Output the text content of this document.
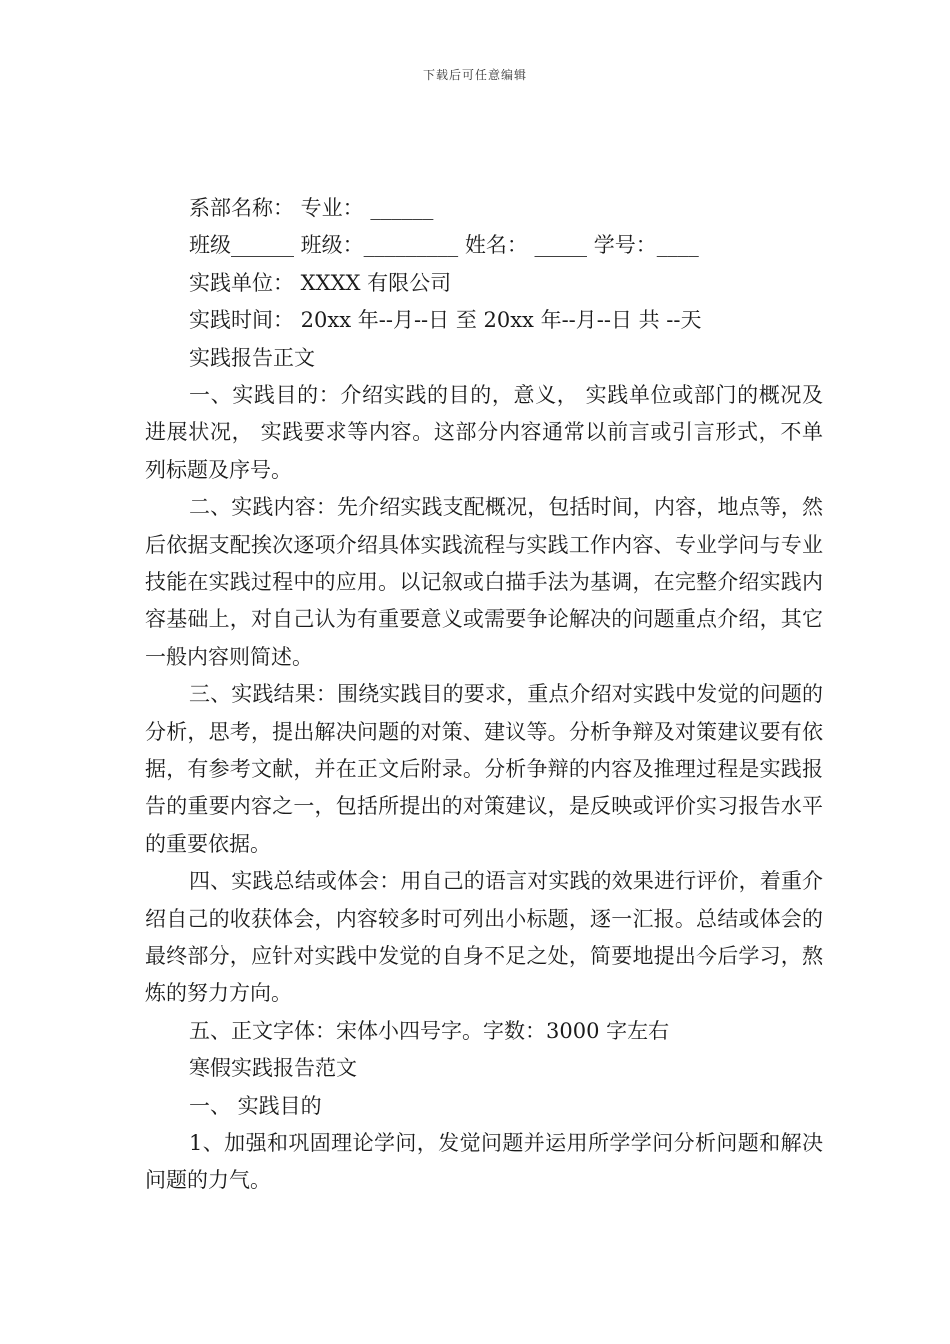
下载后可任意编辑
系部名称： 专业： ______
班级______ 班级：_________ 姓名： _____ 学号：____
实践单位： XXXX 有限公司
实践时间： 20xx 年--月--日 至 20xx 年--月--日 共 --天
实践报告正文
一、实践目的：介绍实践的目的，意义， 实践单位或部门的概况及进展状况， 实践要求等内容。这部分内容通常以前言或引言形式，不单列标题及序号。
二、实践内容：先介绍实践支配概况，包括时间，内容，地点等，然后依据支配挨次逐项介绍具体实践流程与实践工作内容、专业学问与专业技能在实践过程中的应用。以记叙或白描手法为基调，在完整介绍实践内容基础上，对自己认为有重要意义或需要争论解决的问题重点介绍，其它一般内容则简述。
三、实践结果：围绕实践目的要求，重点介绍对实践中发觉的问题的分析，思考，提出解决问题的对策、建议等。分析争辩及对策建议要有依据，有参考文献，并在正文后附录。分析争辩的内容及推理过程是实践报告的重要内容之一，包括所提出的对策建议，是反映或评价实习报告水平的重要依据。
四、实践总结或体会：用自己的语言对实践的效果进行评价，着重介绍自己的收获体会，内容较多时可列出小标题，逐一汇报。总结或体会的最终部分，应针对实践中发觉的自身不足之处，简要地提出今后学习，熬炼的努力方向。
五、正文字体：宋体小四号字。字数：3000 字左右
寒假实践报告范文
一、 实践目的
1、加强和巩固理论学问，发觉问题并运用所学学问分析问题和解决问题的力气。
